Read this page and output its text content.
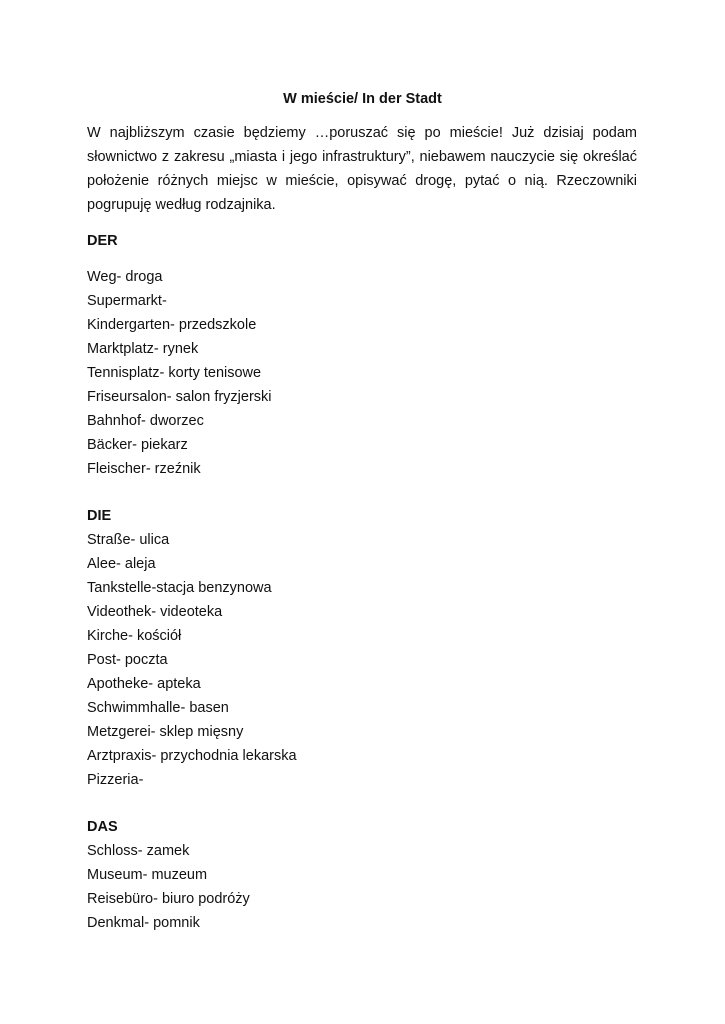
W mieście/ In der Stadt

W najbliższym czasie będziemy …poruszać się po mieście! Już dzisiaj podam słownictwo z zakresu „miasta i jego infrastruktury”, niebawem nauczycie się określać położenie różnych miejsc w mieście, opisywać drogę, pytać o nią. Rzeczowniki pogrupuję według rodzajnika.

DER
Weg- droga
Supermarkt-
Kindergarten- przedszkole
Marktplatz- rynek
Tennisplatz- korty tenisowe
Friseursalon- salon fryzjerski
Bahnhof- dworzec
Bäcker- piekarz
Fleischer- rzeźnik
DIE
Straße- ulica
Alee- aleja
Tankstelle-stacja benzynowa
Videothek- videoteka
Kirche- kościół
Post- poczta
Apotheke- apteka
Schwimmhalle- basen
Metzgerei- sklep mięsny
Arztpraxis- przychodnia lekarska
Pizzeria-
DAS
Schloss- zamek
Museum- muzeum
Reisebüro- biuro podróży
Denkmal- pomnik
